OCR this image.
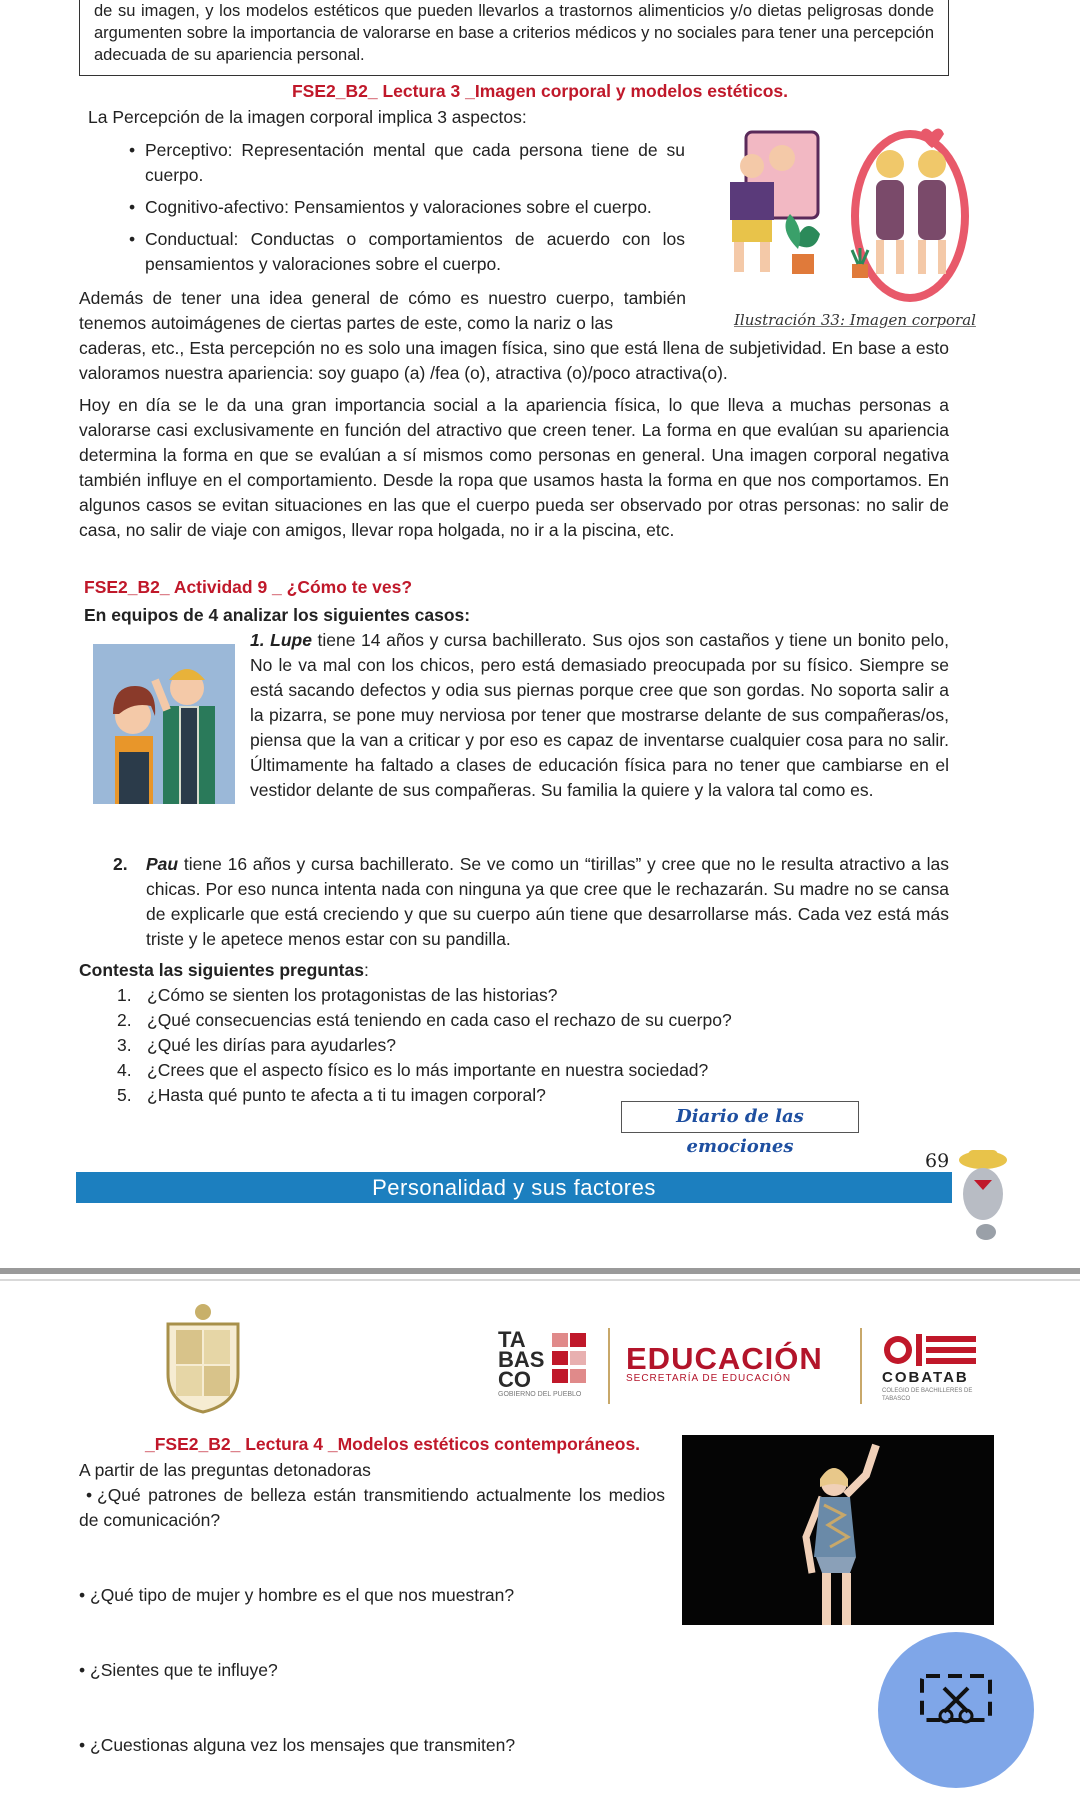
de su imagen, y los modelos estéticos que pueden llevarlos a trastornos alimenticios y/o dietas peligrosas donde argumenten sobre la importancia de valorarse en base a criterios médicos y no sociales para tener una percepción adecuada de su apariencia personal.
FSE2_B2_ Lectura 3 _Imagen corporal y modelos estéticos.
La Percepción de la imagen corporal implica 3 aspectos:
• Perceptivo: Representación mental que cada persona tiene de su cuerpo.
• Cognitivo-afectivo: Pensamientos y valoraciones sobre el cuerpo.
• Conductual: Conductas o comportamientos de acuerdo con los pensamientos y valoraciones sobre el cuerpo.
Además de tener una idea general de cómo es nuestro cuerpo, también tenemos autoimágenes de ciertas partes de este, como la nariz o las
caderas, etc., Esta percepción no es solo una imagen física, sino que está llena de subjetividad. En base a esto valoramos nuestra apariencia: soy guapo (a) /fea (o), atractiva (o)/poco atractiva(o).
Ilustración 33: Imagen corporal
Hoy en día se le da una gran importancia social a la apariencia física, lo que lleva a muchas personas a valorarse casi exclusivamente en función del atractivo que creen tener. La forma en que evalúan su apariencia determina la forma en que se evalúan a sí mismos como personas en general. Una imagen corporal negativa también influye en el comportamiento. Desde la ropa que usamos hasta la forma en que nos comportamos. En algunos casos se evitan situaciones en las que el cuerpo pueda ser observado por otras personas: no salir de casa, no salir de viaje con amigos, llevar ropa holgada, no ir a la piscina, etc.
FSE2_B2_ Actividad 9 _ ¿Cómo te ves?
En equipos de 4 analizar los siguientes casos:
1. Lupe tiene 14 años y cursa bachillerato. Sus ojos son castaños y tiene un bonito pelo, No le va mal con los chicos, pero está demasiado preocupada por su físico. Siempre se está sacando defectos y odia sus piernas porque cree que son gordas. No soporta salir a la pizarra, se pone muy nerviosa por tener que mostrarse delante de sus compañeras/os, piensa que la van a criticar y por eso es capaz de inventarse cualquier cosa para no salir. Últimamente ha faltado a clases de educación física para no tener que cambiarse en el vestidor delante de sus compañeras. Su familia la quiere y la valora tal como es.
2. Pau tiene 16 años y cursa bachillerato. Se ve como un “tirillas” y cree que no le resulta atractivo a las chicas. Por eso nunca intenta nada con ninguna ya que cree que le rechazarán. Su madre no se cansa de explicarle que está creciendo y que su cuerpo aún tiene que desarrollarse más. Cada vez está más triste y le apetece menos estar con su pandilla.
Contesta las siguientes preguntas:
1. ¿Cómo se sienten los protagonistas de las historias?
2. ¿Qué consecuencias está teniendo en cada caso el rechazo de su cuerpo?
3. ¿Qué les dirías para ayudarles?
4. ¿Crees que el aspecto físico es lo más importante en nuestra sociedad?
5. ¿Hasta qué punto te afecta a ti tu imagen corporal?
Diario de las emociones
69
Personalidad y sus factores
TA
BAS
CO
GOBIERNO DEL PUEBLO
EDUCACIÓN
SECRETARÍA DE EDUCACIÓN	COBATAB
COLEGIO DE BACHILLERES DE TABASCO
_FSE2_B2_ Lectura 4 _Modelos estéticos contemporáneos.
A partir de las preguntas detonadoras
• ¿Qué patrones de belleza están transmitiendo actualmente los medios de comunicación?
• ¿Qué tipo de mujer y hombre es el que nos muestran?
• ¿Sientes que te influye?
• ¿Cuestionas alguna vez los mensajes que transmiten?
